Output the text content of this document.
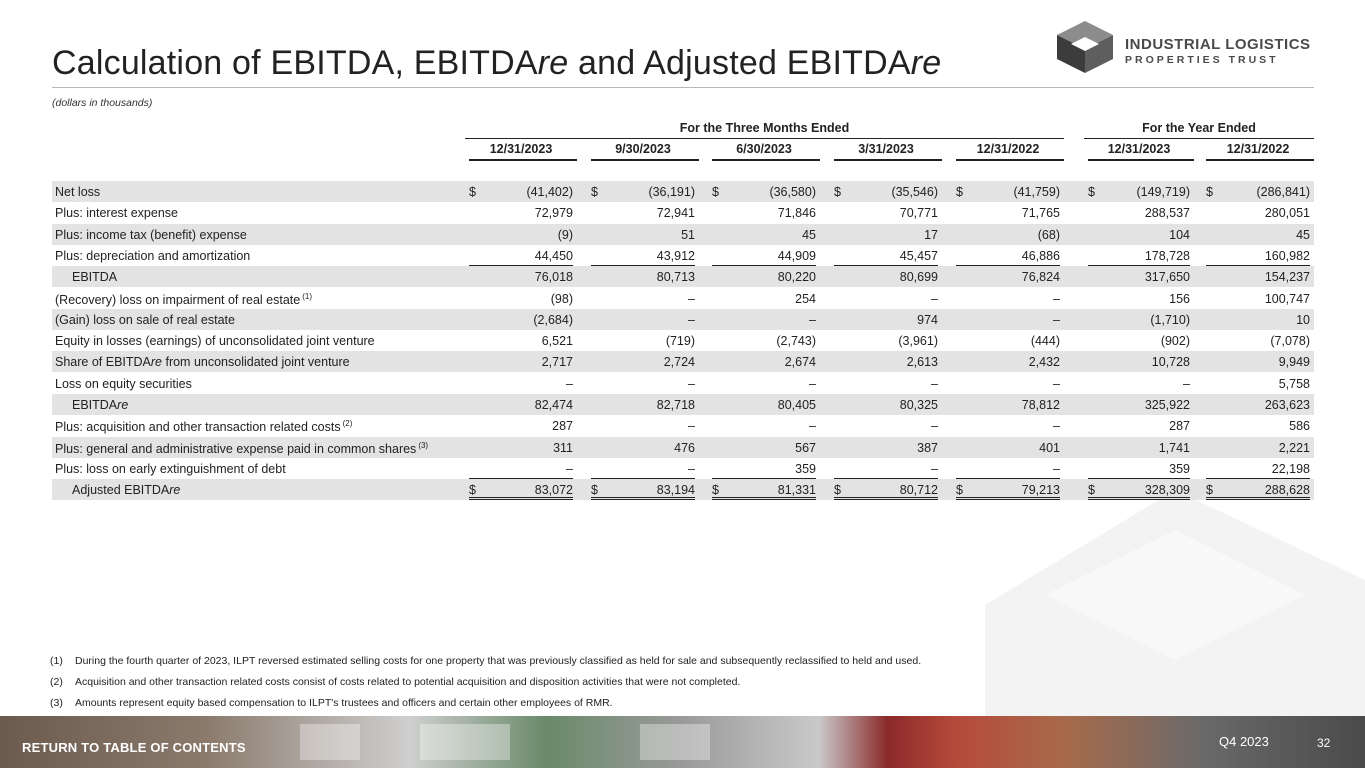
Calculation of EBITDA, EBITDAre and Adjusted EBITDAre	INDUSTRIAL LOGISTICS
PROPERTIES TRUST
(dollars in thousands)
For the Three Months Ended	For the Year Ended
12/31/2023	9/30/2023	6/30/2023	3/31/2023	12/31/2022	12/31/2023	12/31/2022
Net loss	$	(41,402) $	(36,191) $	(36,580) $	(35,546) $	(41,759) $	(149,719) $	(286,841)
Plus: interest expense	72,979	72,941	71,846	70,771	71,765	288,537	280,051
Plus: income tax (benefit) expense	(9)	51	45	17	(68)	104	45
Plus: depreciation and amortization	44,450	43,912	44,909	45,457	46,886	178,728	160,982
EBITDA	76,018	80,713	80,220	80,699	76,824	317,650	154,237
(Recovery) loss on impairment of real estate $^{(1)}$	(98)	–	254	–	–	156	100,747
(Gain) loss on sale of real estate	(2,684)	–	–	974	–	(1,710)	10
Equity in losses (earnings) of unconsolidated joint venture	6,521	(719)	(2,743)	(3,961)	(444)	(902)	(7,078)
Share of EBITDAre from unconsolidated joint venture	2,717	2,724	2,674	2,613	2,432	10,728	9,949
Loss on equity securities	–	–	–	–	–	–	5,758
EBITDAre	82,474	82,718	80,405	80,325	78,812	325,922	263,623
Plus: acquisition and other transaction related costs $^{(2)}$	287	–	–	–	–	287	586
Plus: general and administrative expense paid in common shares $^{(3)}$	311	476	567	387	401	1,741	2,221
Plus: loss on early extinguishment of debt	–	–	359	–	–	359	22,198
Adjusted EBITDAre	$	83,072 $	83,194 $	81,331 $	80,712 $	79,213 $	328,309 $	288,628
(1) During the fourth quarter of 2023, ILPT reversed estimated selling costs for one property that was previously classified as held for sale and subsequently reclassified to held and used.
(2) Acquisition and other transaction related costs consist of costs related to potential acquisition and disposition activities that were not completed.
(3) Amounts represent equity based compensation to ILPT's trustees and officers and certain other employees of RMR.
RETURN TO TABLE OF CONTENTS	Q4 2023	32
